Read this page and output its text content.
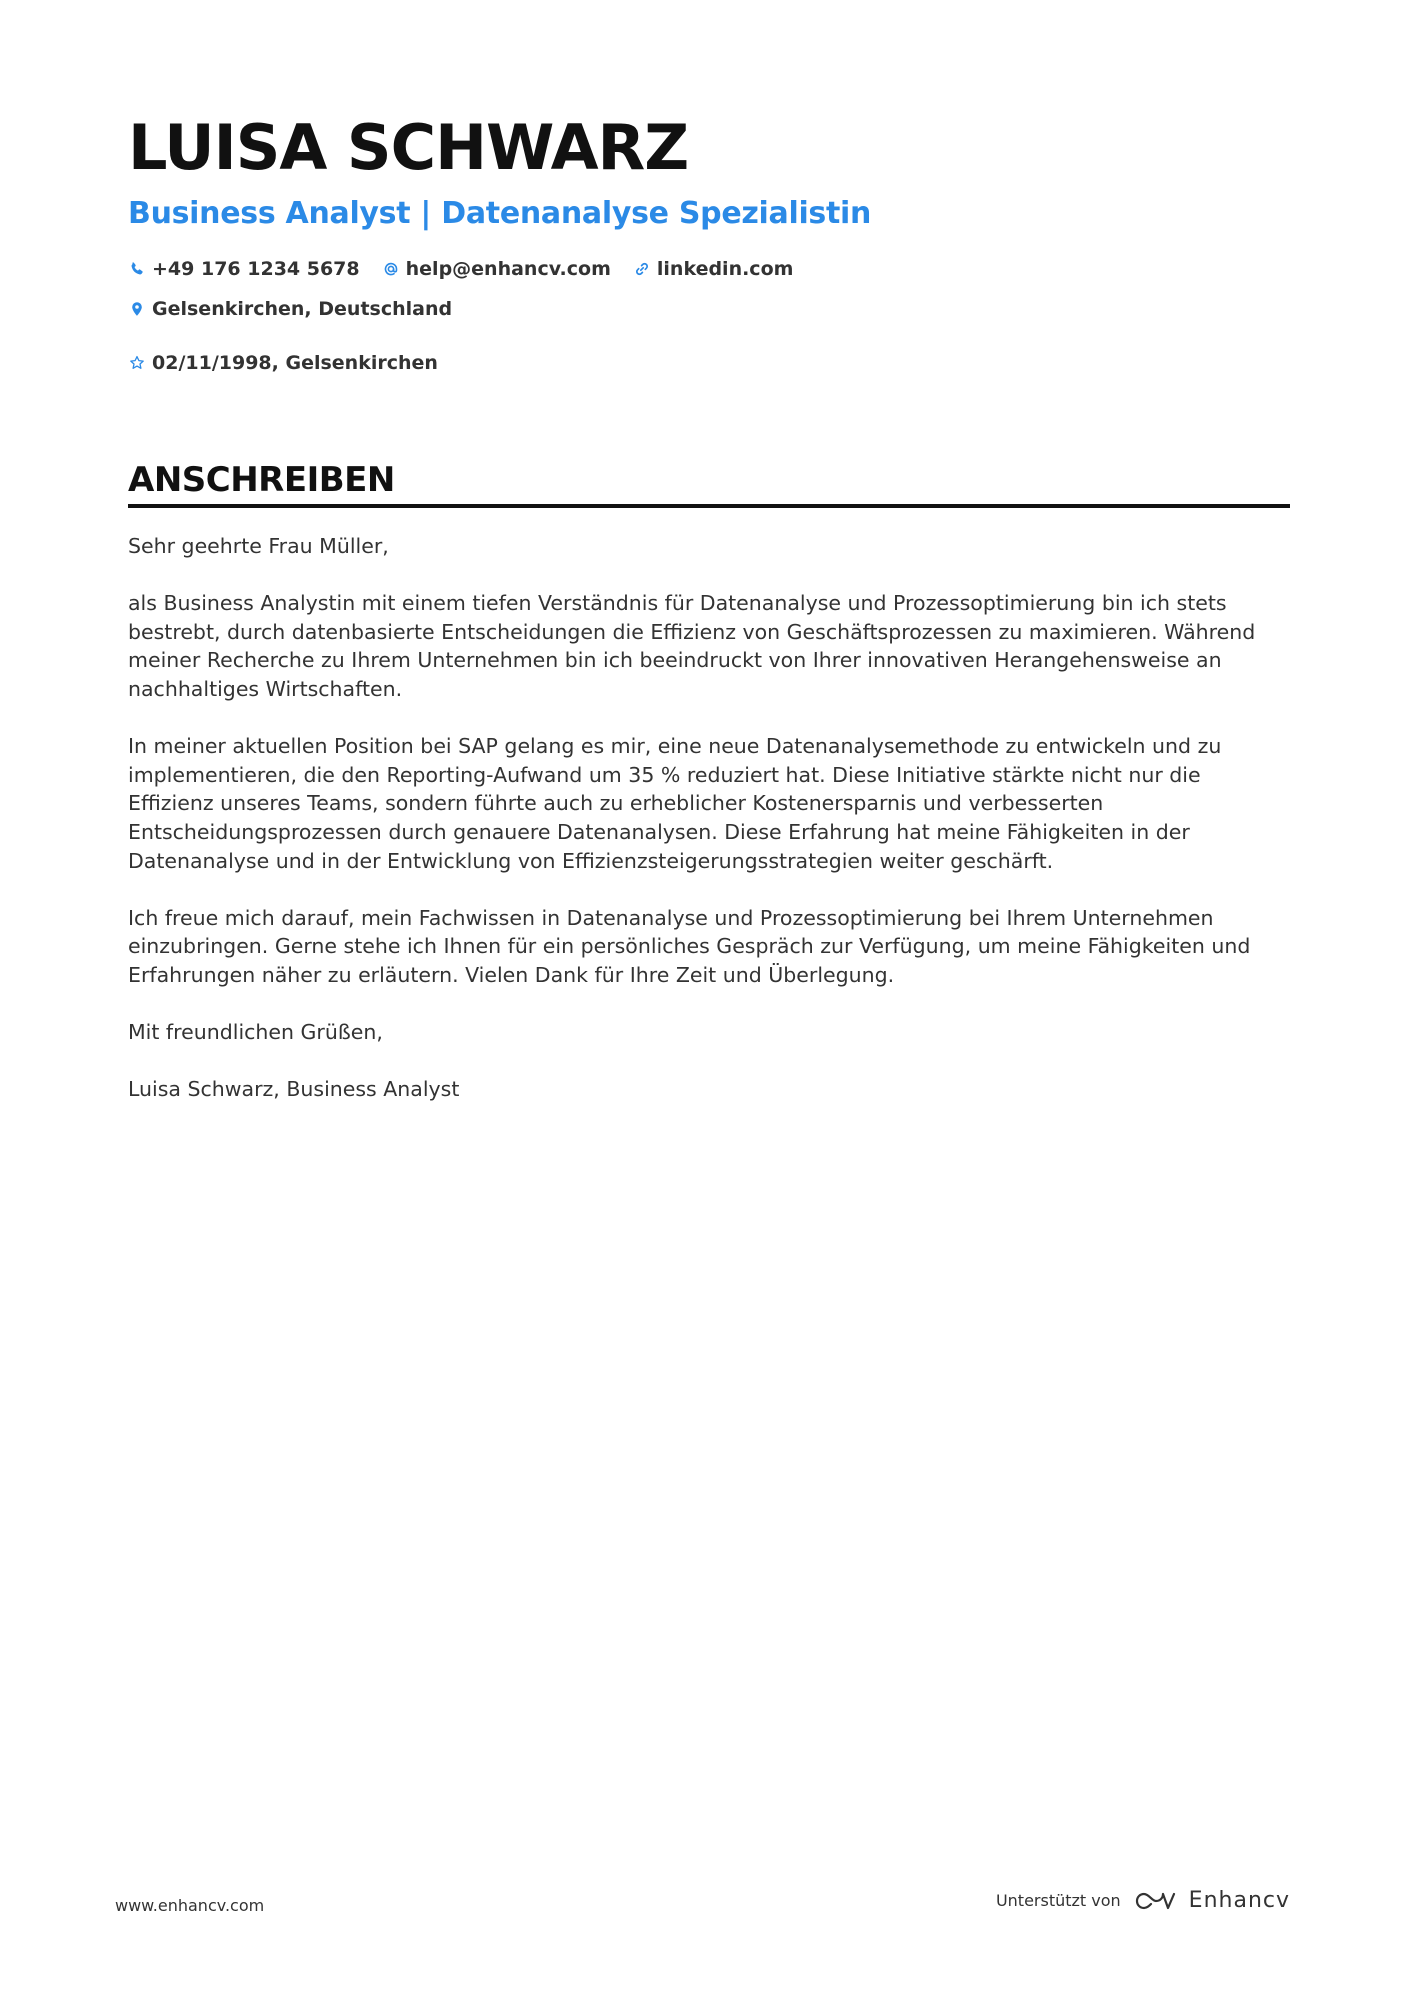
LUISA SCHWARZ
Business Analyst | Datenanalyse Spezialistin
+49 176 1234 5678 help@enhancv.com linkedin.com
Gelsenkirchen, Deutschland
02/11/1998, Gelsenkirchen
ANSCHREIBEN

Sehr geehrte Frau Müller,

als Business Analystin mit einem tiefen Verständnis für Datenanalyse und Prozessoptimierung bin ich stets bestrebt, durch datenbasierte Entscheidungen die Effizienz von Geschäftsprozessen zu maximieren. Während meiner Recherche zu Ihrem Unternehmen bin ich beeindruckt von Ihrer innovativen Herangehensweise an nachhaltiges Wirtschaften.

In meiner aktuellen Position bei SAP gelang es mir, eine neue Datenanalysemethode zu entwickeln und zu implementieren, die den Reporting-Aufwand um 35 % reduziert hat. Diese Initiative stärkte nicht nur die Effizienz unseres Teams, sondern führte auch zu erheblicher Kostenersparnis und verbesserten Entscheidungsprozessen durch genauere Datenanalysen. Diese Erfahrung hat meine Fähigkeiten in der Datenanalyse und in der Entwicklung von Effizienzsteigerungsstrategien weiter geschärft.

Ich freue mich darauf, mein Fachwissen in Datenanalyse und Prozessoptimierung bei Ihrem Unternehmen einzubringen. Gerne stehe ich Ihnen für ein persönliches Gespräch zur Verfügung, um meine Fähigkeiten und Erfahrungen näher zu erläutern. Vielen Dank für Ihre Zeit und Überlegung.

Mit freundlichen Grüßen,

Luisa Schwarz, Business Analyst

www.enhancv.com	Unterstützt von	Enhancv
